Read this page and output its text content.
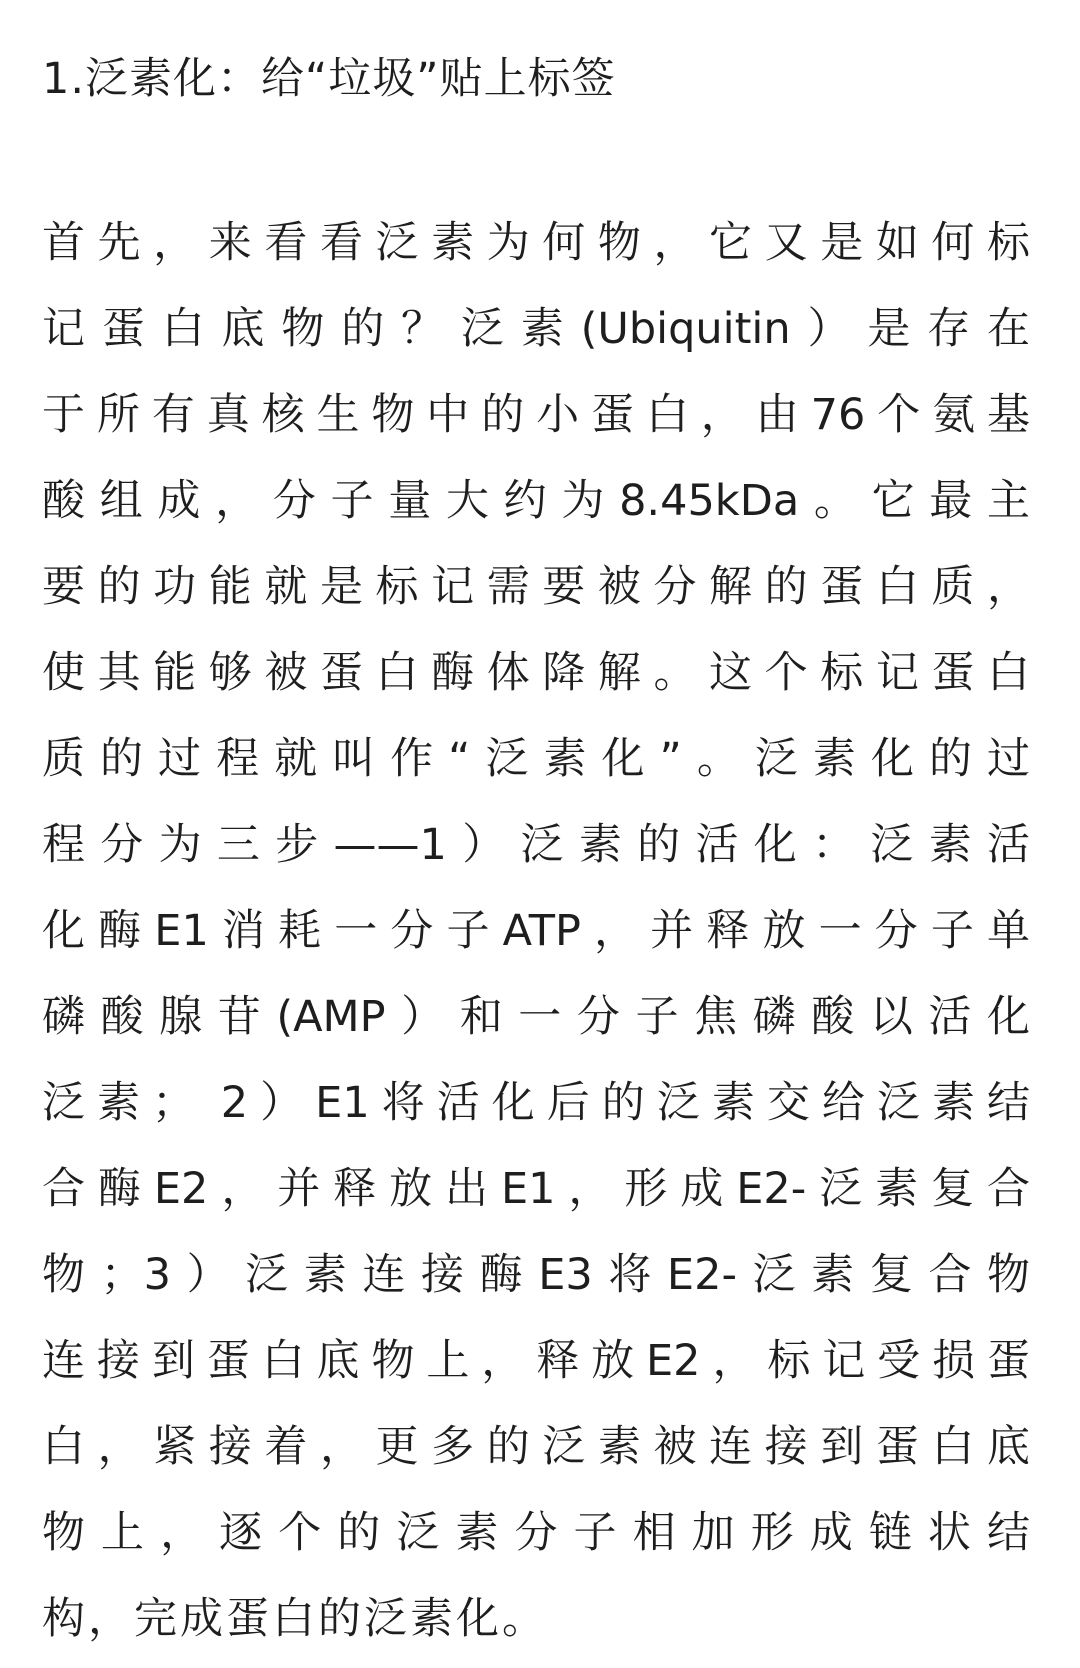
1.泛素化：给“垃圾”贴上标签
首先，来看看泛素为何物，它又是如何标
记蛋白底物的？泛素(Ubiquitin）是存在
于所有真核生物中的小蛋白，由76个氨基
酸组成，分子量大约为8.45kDa。它最主
要的功能就是标记需要被分解的蛋白质，
使其能够被蛋白酶体降解。这个标记蛋白
质的过程就叫作“泛素化”。泛素化的过
程分为三步——1）泛素的活化：泛素活
化酶E1消耗一分子ATP，并释放一分子单
磷酸腺苷(AMP）和一分子焦磷酸以活化
泛素； 2）E1将活化后的泛素交给泛素结
合酶E2，并释放出E1，形成E2-泛素复合
物；3）泛素连接酶E3将E2-泛素复合物
连接到蛋白底物上，释放E2，标记受损蛋
白，紧接着，更多的泛素被连接到蛋白底
物上，逐个的泛素分子相加形成链状结
构，完成蛋白的泛素化。
